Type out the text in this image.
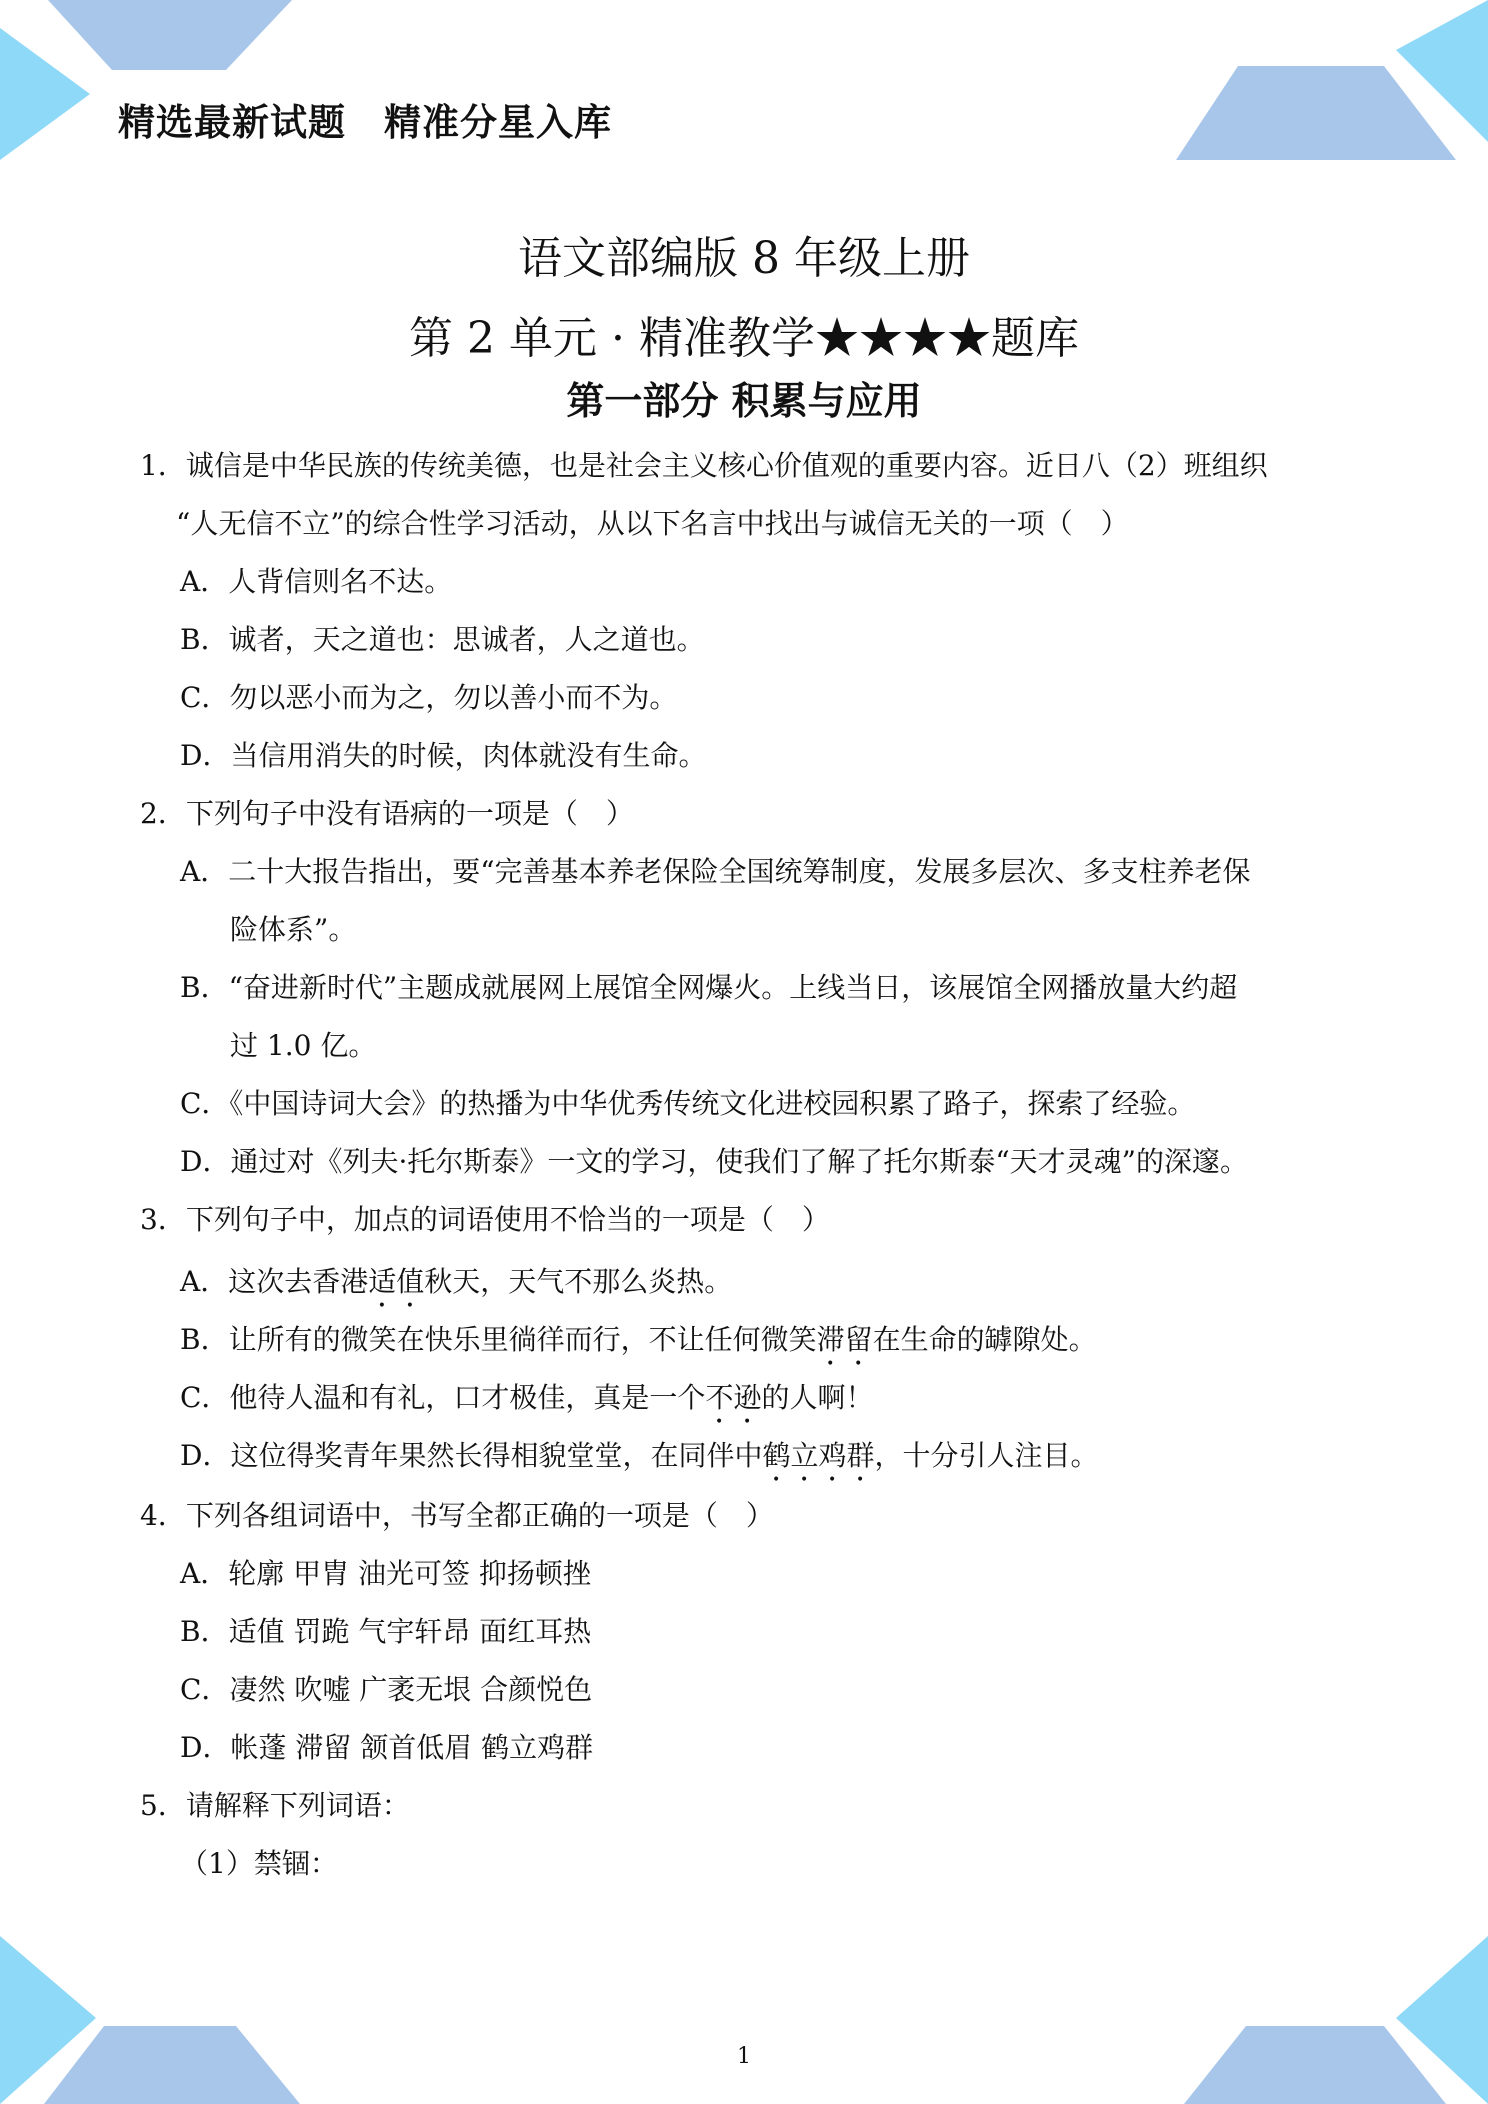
精选最新试题　精准分星入库
语文部编版 8 年级上册
第 2 单元 · 精准教学★★★★题库
第一部分 积累与应用
1．诚信是中华民族的传统美德，也是社会主义核心价值观的重要内容。近日八（2）班组织
“人无信不立”的综合性学习活动，从以下名言中找出与诚信无关的一项（　）
A．人背信则名不达。
B．诚者，天之道也：思诚者，人之道也。
C．勿以恶小而为之，勿以善小而不为。
D．当信用消失的时候，肉体就没有生命。
2．下列句子中没有语病的一项是（　）
A．二十大报告指出，要“完善基本养老保险全国统筹制度，发展多层次、多支柱养老保
险体系”。
B．“奋进新时代”主题成就展网上展馆全网爆火。上线当日，该展馆全网播放量大约超
过 1.0 亿。
C．《中国诗词大会》的热播为中华优秀传统文化进校园积累了路子，探索了经验。
D．通过对《列夫·托尔斯泰》一文的学习，使我们了解了托尔斯泰“天才灵魂”的深邃。
3．下列句子中，加点的词语使用不恰当的一项是（　）
A．这次去香港适值秋天，天气不那么炎热。
B．让所有的微笑在快乐里徜徉而行，不让任何微笑滞留在生命的罅隙处。
C．他待人温和有礼，口才极佳，真是一个不逊的人啊！
D．这位得奖青年果然长得相貌堂堂，在同伴中鹤立鸡群，十分引人注目。
4．下列各组词语中，书写全都正确的一项是（　）
A．轮廓 甲胄 油光可签 抑扬顿挫
B．适值 罚跪 气宇轩昂 面红耳热
C．凄然 吹嘘 广袤无垠 合颜悦色
D．帐蓬 滞留 颔首低眉 鹤立鸡群
5．请解释下列词语：
（1）禁锢：
1
